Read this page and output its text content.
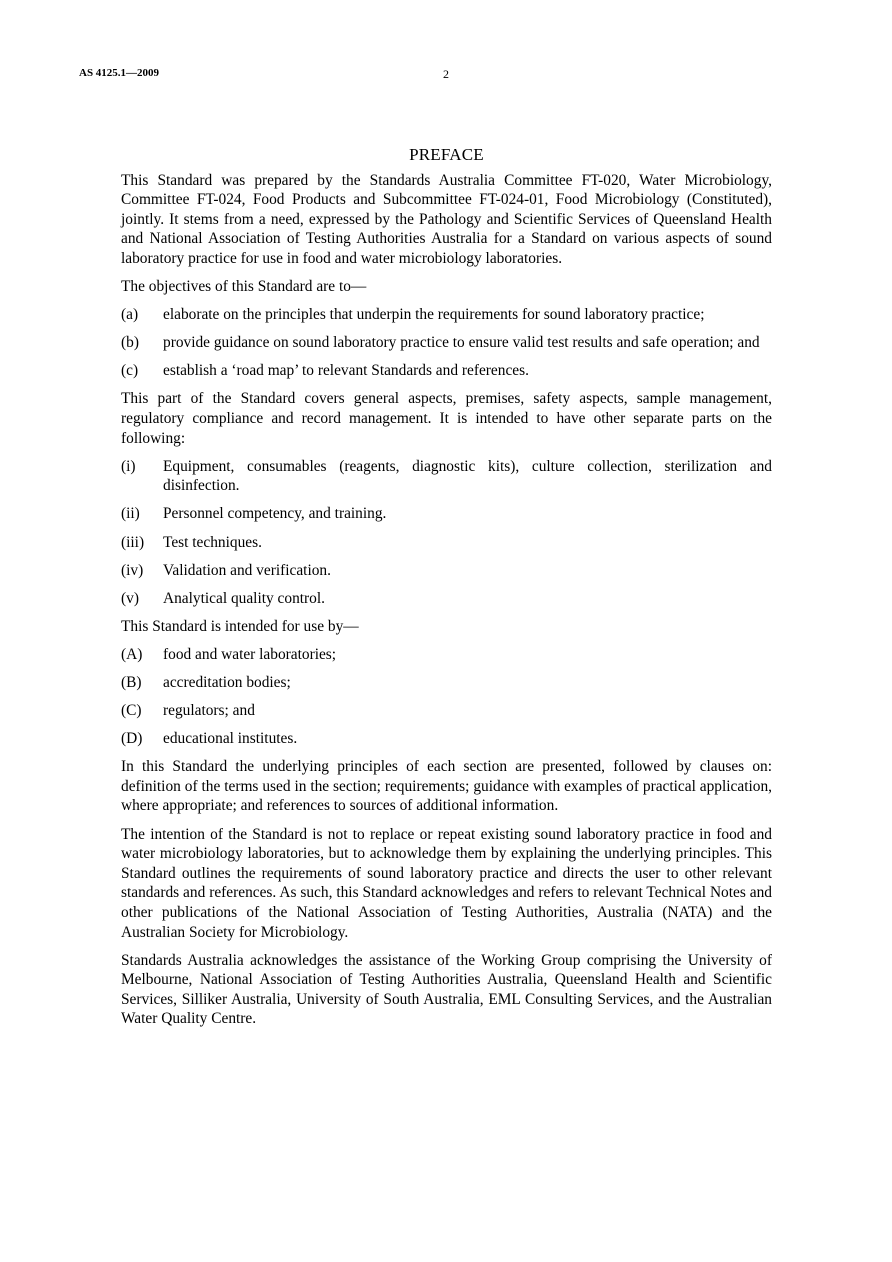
AS 4125.1—2009	2
PREFACE

This Standard was prepared by the Standards Australia Committee FT-020, Water Microbiology, Committee FT-024, Food Products and Subcommittee FT-024-01, Food Microbiology (Constituted), jointly. It stems from a need, expressed by the Pathology and Scientific Services of Queensland Health and National Association of Testing Authorities Australia for a Standard on various aspects of sound laboratory practice for use in food and water microbiology laboratories.

The objectives of this Standard are to—

(a)	elaborate on the principles that underpin the requirements for sound laboratory practice;
(b)	provide guidance on sound laboratory practice to ensure valid test results and safe operation; and
(c)	establish a ‘road map’ to relevant Standards and references.

This part of the Standard covers general aspects, premises, safety aspects, sample management, regulatory compliance and record management. It is intended to have other separate parts on the following:

(i)	Equipment, consumables (reagents, diagnostic kits), culture collection, sterilization and disinfection.
(ii)	Personnel competency, and training.
(iii)	Test techniques.
(iv)	Validation and verification.
(v)	Analytical quality control.

This Standard is intended for use by—

(A)	food and water laboratories;
(B)	accreditation bodies;
(C)	regulators; and
(D)	educational institutes.

In this Standard the underlying principles of each section are presented, followed by clauses on: definition of the terms used in the section; requirements; guidance with examples of practical application, where appropriate; and references to sources of additional information.

The intention of the Standard is not to replace or repeat existing sound laboratory practice in food and water microbiology laboratories, but to acknowledge them by explaining the underlying principles. This Standard outlines the requirements of sound laboratory practice and directs the user to other relevant standards and references. As such, this Standard acknowledges and refers to relevant Technical Notes and other publications of the National Association of Testing Authorities, Australia (NATA) and the Australian Society for Microbiology.

Standards Australia acknowledges the assistance of the Working Group comprising the University of Melbourne, National Association of Testing Authorities Australia, Queensland Health and Scientific Services, Silliker Australia, University of South Australia, EML Consulting Services, and the Australian Water Quality Centre.
